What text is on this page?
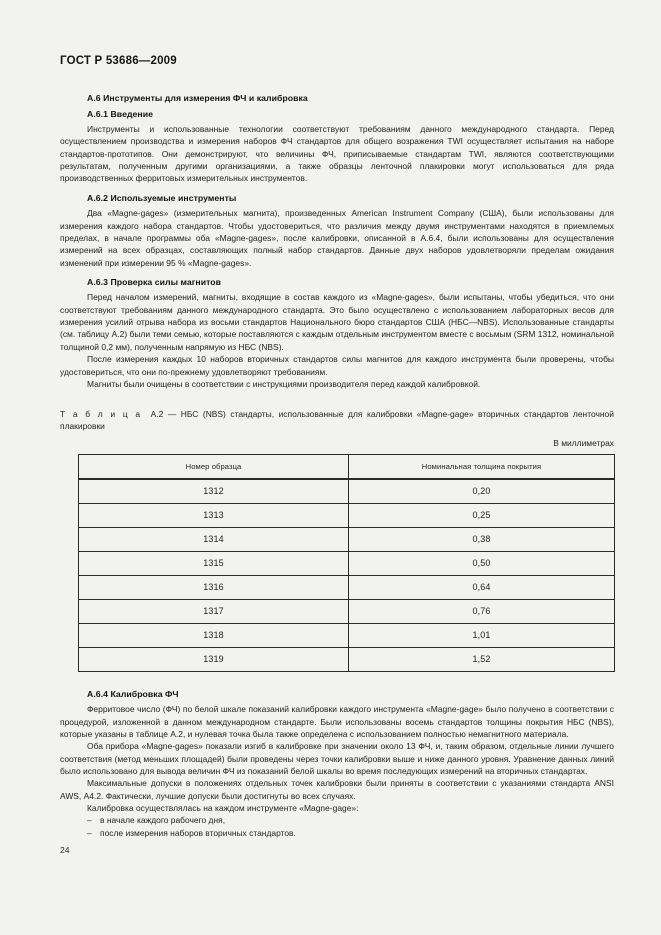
ГОСТ Р 53686—2009
А.6 Инструменты для измерения ФЧ и калибровка
А.6.1 Введение

Инструменты и использованные технологии соответствуют требованиям данного международного стандарта. Перед осуществлением производства и измерения наборов ФЧ стандартов для общего возражения TWI осуществляет испытания на наборе стандартов-прототипов. Они демонстрируют, что величины ФЧ, приписываемые стандартам TWI, являются соответствующими результатам, полученным другими организациями, а также образцы ленточной плакировки могут использоваться для ряда производственных ферритовых измерительных инструментов.

А.6.2 Используемые инструменты

Два «Magne-gages» (измерительных магнита), произведенных American Instrument Company (США), были использованы для измерения каждого набора стандартов. Чтобы удостовериться, что различия между двумя инструментами находятся в приемлемых пределах, в начале программы оба «Magne-gages», после калибровки, описанной в А.6.4, были использованы для осуществления измерений на всех образцах, составляющих полный набор стандартов. Данные двух наборов удовлетворяли пределам ожидания изменений при измерении 95 % «Magne-gages».

А.6.3 Проверка силы магнитов

Перед началом измерений, магниты, входящие в состав каждого из «Magne-gages», были испытаны, чтобы убедиться, что они соответствуют требованиям данного международного стандарта. Это было осуществлено с использованием лабораторных весов для измерения усилий отрыва набора из восьми стандартов Национального бюро стандартов США (НБС—NBS). Использованные стандарты (см. таблицу А.2) были теми семью, которые поставляются с каждым отдельным инструментом вместе с восьмым (SRM 1312, номинальной толщиной 0,2 мм), полученным напрямую из НБС (NBS).

После измерения каждых 10 наборов вторичных стандартов силы магнитов для каждого инструмента были проверены, чтобы удостовериться, что они по-прежнему удовлетворяют требованиям.

Магниты были очищены в соответствии с инструкциями производителя перед каждой калибровкой.

Т а б л и ц а А.2 — НБС (NBS) стандарты, использованные для калибровки «Magne-gage» вторичных стандартов ленточной плакировки
В миллиметрах
Номер образца	Номинальная толщина покрытия
1312	0,20
1313	0,25
1314	0,38
1315	0,50
1316	0,64
1317	0,76
1318	1,01
1319	1,52
А.6.4 Калибровка ФЧ

Ферритовое число (ФЧ) по белой шкале показаний калибровки каждого инструмента «Magne-gage» было получено в соответствии с процедурой, изложенной в данном международном стандарте. Были использованы восемь стандартов толщины покрытия НБС (NBS), которые указаны в таблице А.2, и нулевая точка была также определена с использованием полностью немагнитного материала.

Оба прибора «Magne-gages» показали изгиб в калибровке при значении около 13 ФЧ, и, таким образом, отдельные линии лучшего соответствия (метод меньших площадей) были проведены через точки калибровки выше и ниже данного уровня. Уравнение данных линий было использовано для вывода величин ФЧ из показаний белой шкалы во время последующих измерений на вторичных стандартах.

Максимальные допуски в положениях отдельных точек калибровки были приняты в соответствии с указаниями стандарта ANSI AWS, А4.2. Фактически, лучшие допуски были достигнуты во всех случаях.

Калибровка осуществлялась на каждом инструменте «Magne-gage»:

– в начале каждого рабочего дня,
– после измерения наборов вторичных стандартов.
24
